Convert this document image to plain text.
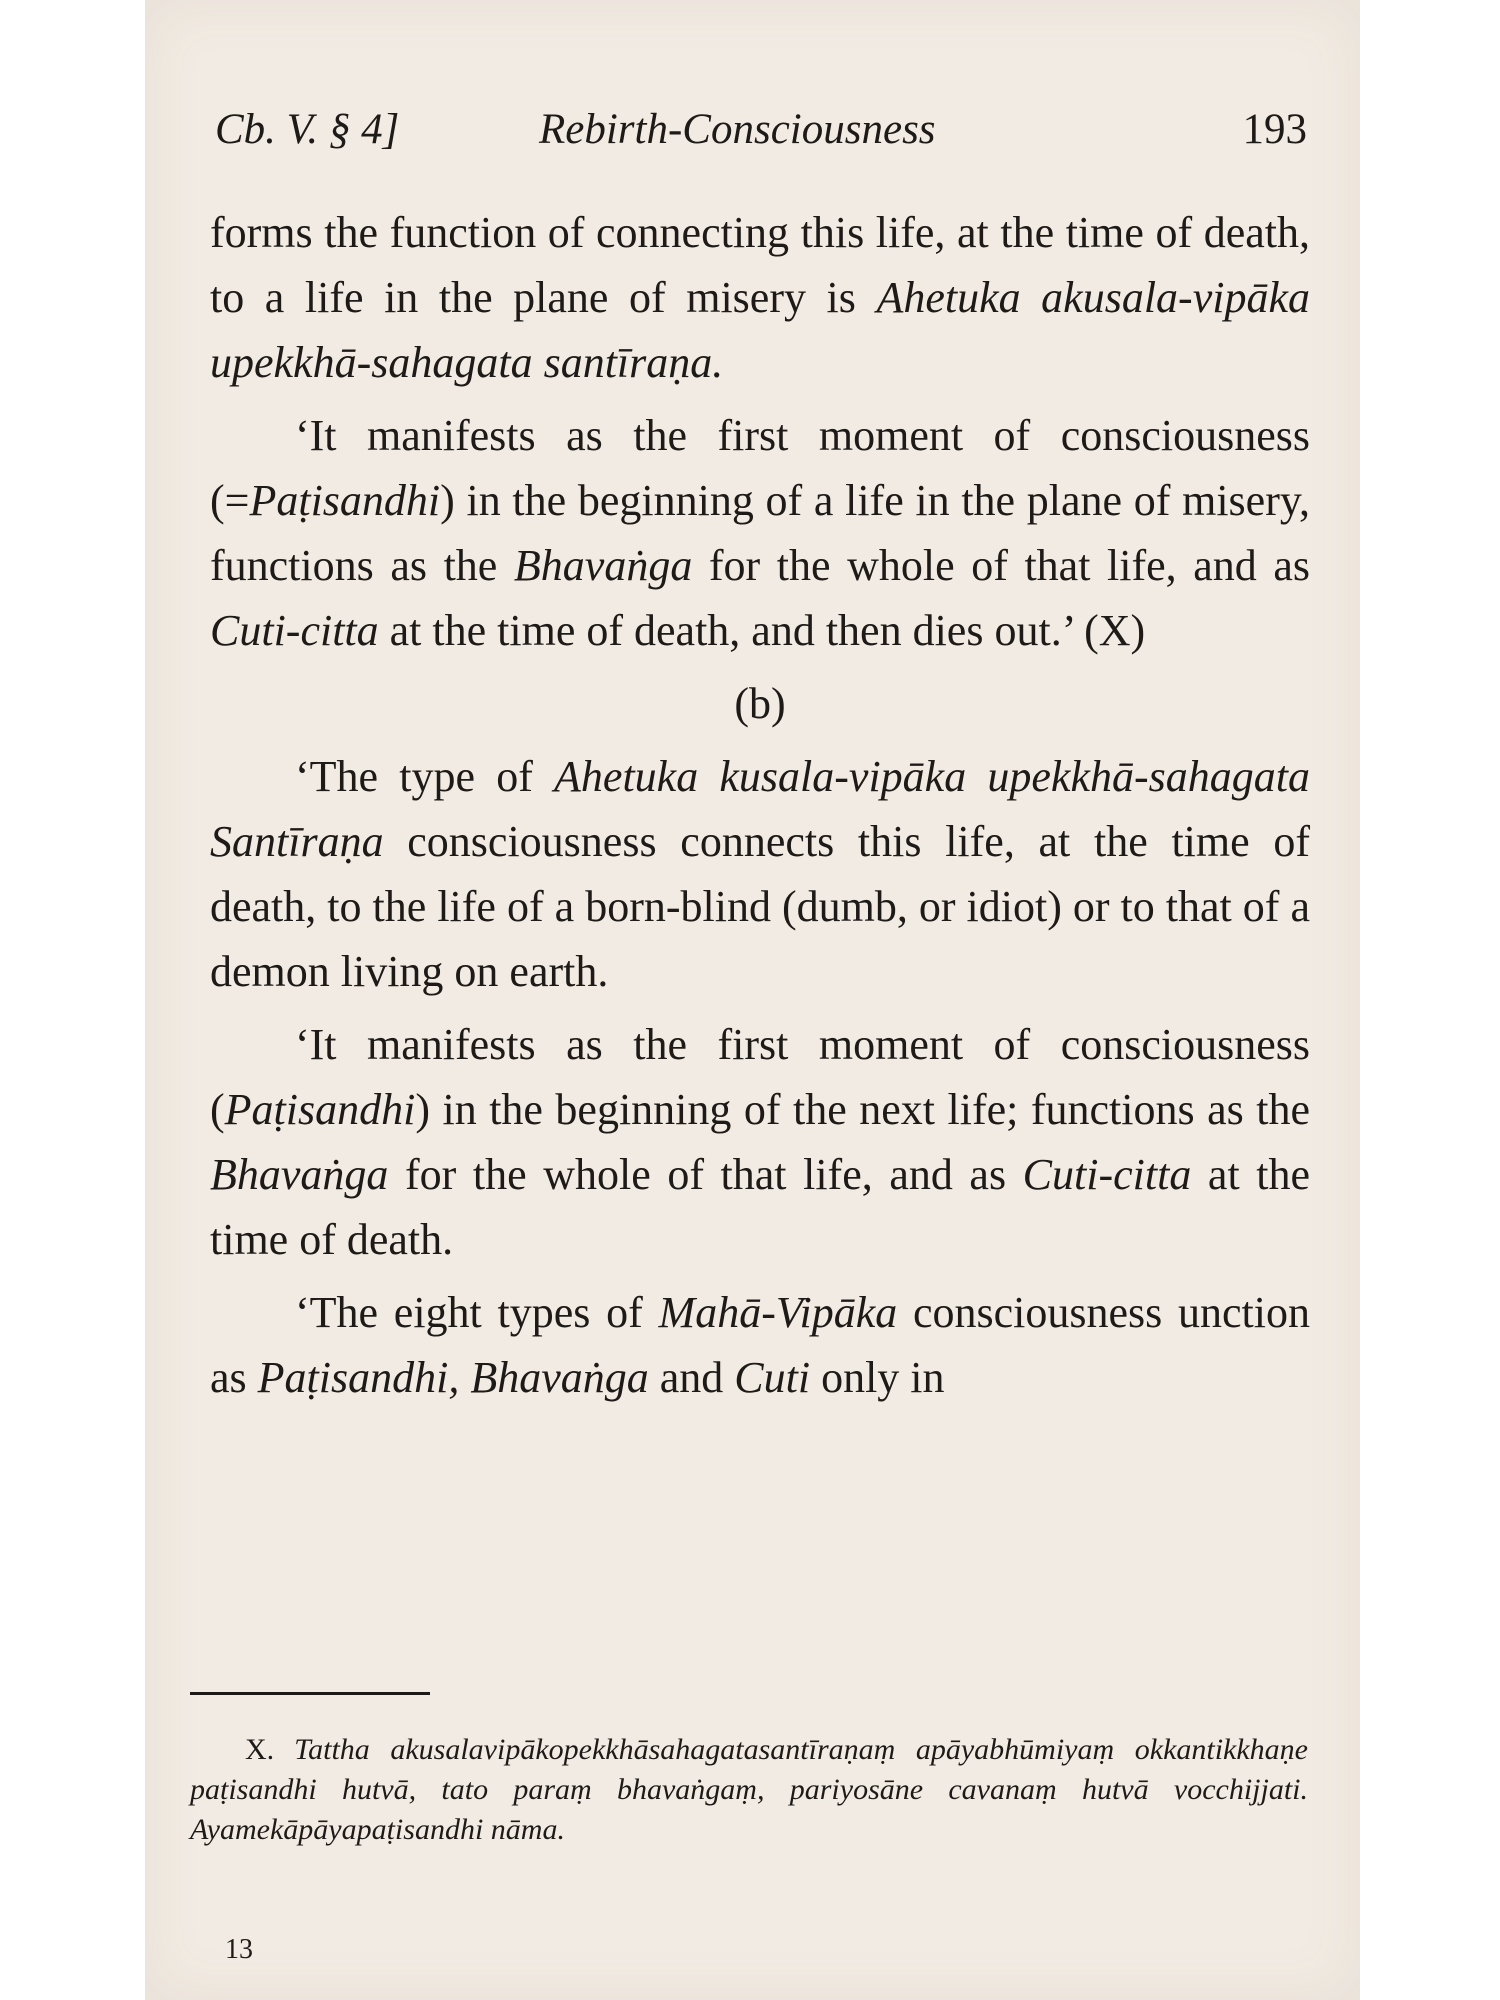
Cb. V. § 4]	Rebirth-Consciousness	193

forms the function of connecting this life, at the time of death, to a life in the plane of misery is Ahetuka akusala-vipāka upekkhā-sahagata santīraṇa.

‘It manifests as the first moment of consciousness (=Paṭisandhi) in the beginning of a life in the plane of misery, functions as the Bhavaṅga for the whole of that life, and as Cuti-citta at the time of death, and then dies out.’ (X)

(b)

‘The type of Ahetuka kusala-vipāka upekkhā-sahagata Santīraṇa consciousness connects this life, at the time of death, to the life of a born-blind (dumb, or idiot) or to that of a demon living on earth.

‘It manifests as the first moment of consciousness (Paṭisandhi) in the beginning of the next life; functions as the Bhavaṅga for the whole of that life, and as Cuti-citta at the time of death.

‘The eight types of Mahā-Vipāka consciousness unction as Paṭisandhi, Bhavaṅga and Cuti only in

X. Tattha akusalavipākopekkhāsahagatasantīraṇaṃ apāyabhūmiyaṃ okkantikkhaṇe paṭisandhi hutvā, tato paraṃ bhavaṅgaṃ, pariyosāne cavanaṃ hutvā vocchijjati. Ayamekāpāyapaṭisandhi nāma.
13
